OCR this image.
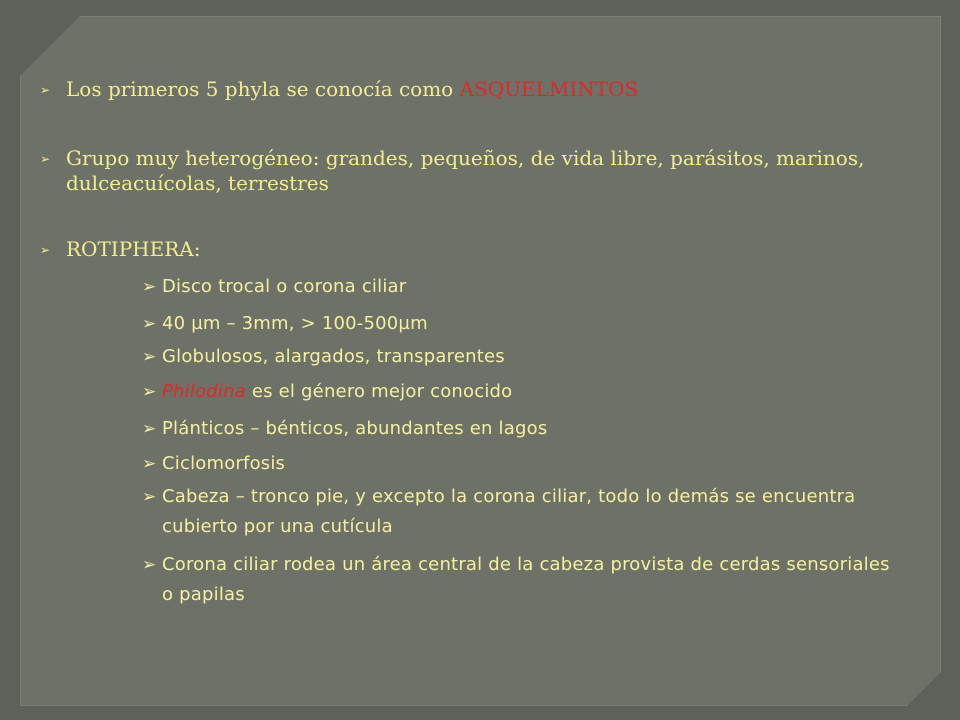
➢ Los primeros 5 phyla se conocía como ASQUELMINTOS
➢ Grupo muy heterogéneo: grandes, pequeños, de vida libre, parásitos, marinos, dulceacuícolas, terrestres
➢ ROTIPHERA:
➢ Disco trocal o corona ciliar
➢ 40 µm – 3mm, > 100-500µm
➢ Globulosos, alargados, transparentes
➢ Philodina es el género mejor conocido
➢ Plánticos – bénticos, abundantes en lagos
➢ Ciclomorfosis
➢ Cabeza – tronco pie, y excepto la corona ciliar, todo lo demás se encuentra cubierto por una cutícula
➢ Corona ciliar rodea un área central de la cabeza provista de cerdas sensoriales o papilas
